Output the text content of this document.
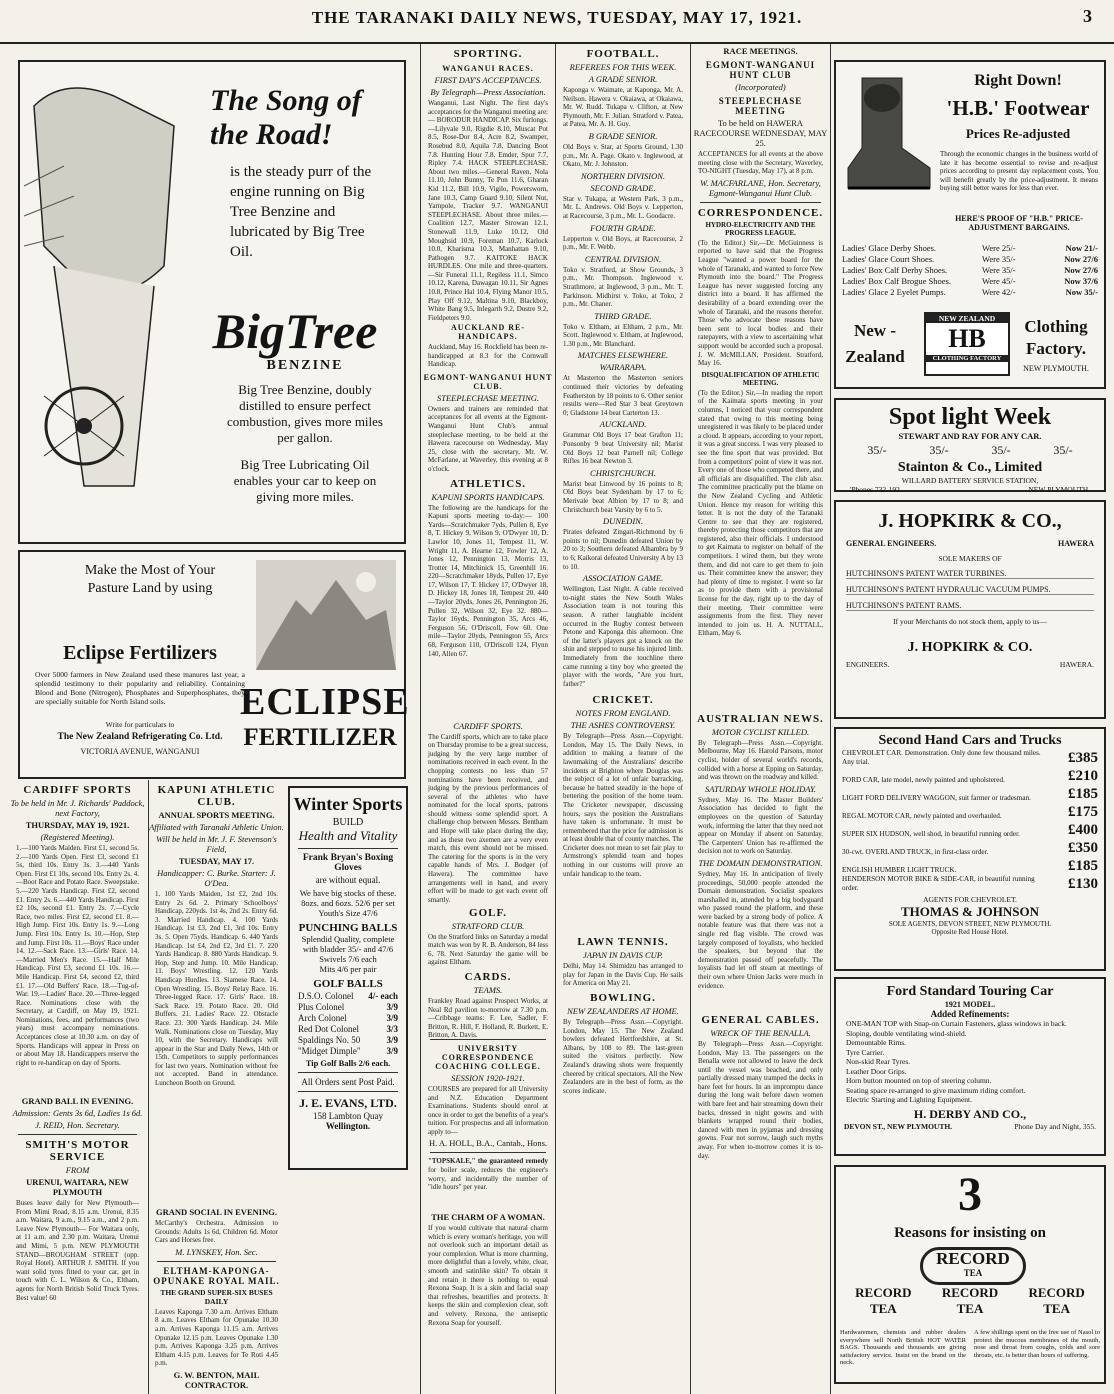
THE TARANAKI DAILY NEWS, TUESDAY, MAY 17, 1921.	3
The Song of the Road!
is the steady purr of the engine running on Big Tree Benzine and lubricated by Big Tree Oil.
BigTree
BENZINE
Big Tree Benzine, doubly distilled to ensure perfect combustion, gives more miles per gallon.
Big Tree Lubricating Oil enables your car to keep on giving more miles.
Make the Most of Your Pasture Land by using
Eclipse Fertilizers
Over 5000 farmers in New Zealand used these manures last year, a splendid testimony to their popularity and reliability. Containing Blood and Bone (Nitrogen), Phosphates and Superphosphates, they are specially suitable for North Island soils.
Write for particulars to
The New Zealand Refrigerating Co. Ltd.
VICTORIA AVENUE, WANGANUI
ECLIPSE
FERTILIZER
CARDIFF SPORTS
To be held in Mr. J. Richards' Paddock, next Factory,
THURSDAY, MAY 19, 1921.
(Registered Meeting).
1.—100 Yards Maiden. First £1, second 5s. 2.—100 Yards Open. First £3, second £1 5s, third 10s. Entry 3s. 3.—440 Yards Open. First £1 10s, second 10s. Entry 2s. 4.—Boot Race and Potato Race. Sweepstake. 5.—220 Yards Handicap. First £2, second £1. Entry 2s. 6.—440 Yards Handicap. First £2 10s, second £1. Entry 2s. 7.—Cycle Race, two miles. First £2, second £1. 8.—High Jump. First 10s. Entry 1s. 9.—Long Jump. First 10s. Entry 1s. 10.—Hop, Step and Jump. First 10s. 11.—Boys' Race under 14. 12.—Sack Race. 13.—Girls' Race. 14.—Married Men's Race. 15.—Half Mile Handicap. First £3, second £1 10s. 16.—Mile Handicap. First £4, second £2, third £1. 17.—Old Buffers' Race. 18.—Tug-of-War. 19.—Ladies' Race. 20.—Three-legged Race. Nominations close with the Secretary, at Cardiff, on May 19, 1921. Nominations, fees, and performances (two years) must accompany nominations. Acceptances close at 10.30 a.m. on day of Sports. Handicaps will appear in Press on or about May 18. Handicappers reserve the right to re-handicap on day of Sports.
GRAND BALL IN EVENING.
Admission: Gents 3s 6d, Ladies 1s 6d.
J. REID, Hon. Secretary.
SMITH'S MOTOR SERVICE
FROM
URENUI, WAITARA, NEW PLYMOUTH
Buses leave daily for New Plymouth— From Mimi Road, 8.15 a.m. Urenui, 8.35 a.m. Waitara, 9 a.m., 9.15 a.m., and 2 p.m. Leave New Plymouth— For Waitara only, at 11 a.m. and 2.30 p.m. Waitara, Urenui and Mimi, 5 p.m. NEW PLYMOUTH STAND—BROUGHAM STREET (opp. Royal Hotel). ARTHUR J. SMITH. If you want solid tyres fitted to your car, get in touch with C. L. Wilson & Co., Eltham, agents for North British Solid Truck Tyres. Best value! 60
KAPUNI ATHLETIC CLUB.
ANNUAL SPORTS MEETING.
Affiliated with Taranaki Athletic Union.
Will be held in Mr. J. F. Stevenson's Field,
TUESDAY, MAY 17.
Handicapper: C. Burke. Starter: J. O'Dea.
1. 100 Yards Maiden, 1st £2, 2nd 10s. Entry 2s 6d. 2. Primary Schoolboys' Handicap, 220yds. 1st 4s, 2nd 2s. Entry 6d. 3. Married Handicap. 4. 100 Yards Handicap. 1st £3, 2nd £1, 3rd 10s. Entry 3s. 5. Open 75yds. Handicap. 6. 440 Yards Handicap. 1st £4, 2nd £2, 3rd £1. 7. 220 Yards Handicap. 8. 880 Yards Handicap. 9. Hop, Step and Jump. 10. Mile Handicap. 11. Boys' Wrestling. 12. 120 Yards Handicap Hurdles. 13. Siamese Race. 14. Open Wrestling. 15. Boys' Relay Race. 16. Three-legged Race. 17. Girls' Race. 18. Sack Race. 19. Potato Race. 20. Old Buffers. 21. Ladies' Race. 22. Obstacle Race. 23. 300 Yards Handicap. 24. Mile Walk. Nominations close on Tuesday, May 10, with the Secretary. Handicaps will appear in the Star and Daily News, 14th or 15th. Competitors to supply performances for last two years. Nomination without fee not accepted. Band in attendance. Luncheon Booth on Ground.
GRAND SOCIAL IN EVENING.
McCarthy's Orchestra. Admission to Grounds: Adults 1s 6d, Children 6d. Motor Cars and Horses free.
M. LYNSKEY, Hon. Sec.
ELTHAM-KAPONGA-OPUNAKE ROYAL MAIL.
THE GRAND SUPER-SIX BUSES DAILY
Leaves Kaponga 7.30 a.m. Arrives Eltham 8 a.m. Leaves Eltham for Opunake 10.30 a.m. Arrives Kaponga 11.15 a.m. Arrives Opunake 12.15 p.m. Leaves Opunake 1.30 p.m. Arrives Kaponga 3.25 p.m. Arrives Eltham 4.15 p.m. Leaves for Te Roti 4.45 p.m.
G. W. BENTON, MAIL CONTRACTOR.
Winter Sports
BUILD
Health and Vitality
Frank Bryan's Boxing Gloves
are without equal.
We have big stocks of these.
8ozs. and 6ozs. 52/6 per set
Youth's Size 47/6
PUNCHING BALLS
Splendid Quality, complete with bladder 35/- and 47/6
Swivels 7/6 each
Mits 4/6 per pair
GOLF BALLS
D.S.O. Colonel 4/- each
Plus Colonel	3/9
Arch Colonel	3/9
Red Dot Colonel	3/3
Spaldings No. 50	3/9
"Midget Dimple"	3/9
Tip Golf Balls 2/6 each.
All Orders sent Post Paid.
J. E. EVANS, LTD.
158 Lambton Quay
Wellington.
SPORTING.
WANGANUI RACES.
FIRST DAY'S ACCEPTANCES.
By Telegraph—Press Association.
Wanganui, Last Night. The first day's acceptances for the Wanganui meeting are:— BORODUR HANDICAP. Six furlongs.—Lilyvale 9.0, Rigdie 8.10, Muscat Pot 8.5, Rose-Dor 8.4, Acre 8.2, Swamper, Rosebud 8.0, Aquila 7.8, Dancing Boot 7.8. Hunting Hour 7.8, Emder, Spur 7.7, Ripley 7.4. HACK STEEPLECHASE. About two miles.—General Raven, Nola 11.10, John Bunny, Te Pon 11.6, Gharan Kid 11.2, Bill 10.9, Vigilo, Powersworn, Jane 10.3, Camp Guard 9.10, Silent Nut, Yarnpole, Tracker 9.7. WANGANUI STEEPLECHASE. About three miles.—Coalition 12.7, Master Strowan 12.1, Stonewall 11.9, Luke 10.12, Old Moughsid 10.9, Foreman 10.7, Karlock 10.0, Kharisma 10.3, Manhattan 9.10, Pathogen 9.7. KAITOKE HACK HURDLES. One mile and three-quarters.—Sir Funeral 11.1, Regiless 11.1, Simco 10.12, Karena, Dawagan 10.11, Sir Agnes 10.8, Prince Hal 10.4, Flying Manor 10.5, Play Off 9.12, Maltina 9.10, Blackboy, White Bang 9.5, Inlegarth 9.2, Dustre 9.2, Fieldpeters 9.0.
AUCKLAND RE-HANDICAPS.
Auckland, May 16. Rockfield has been re-handicapped at 8.3 for the Cornwall Handicap.
EGMONT-WANGANUI HUNT CLUB.
STEEPLECHASE MEETING.
Owners and trainers are reminded that acceptances for all events at the Egmont-Wanganui Hunt Club's annual steeplechase meeting, to be held at the Hawera racecourse on Wednesday, May 25, close with the secretary, Mr. W. McFarlane, at Waverley, this evening at 8 o'clock.
ATHLETICS.
KAPUNI SPORTS HANDICAPS.
The following are the handicaps for the Kapuni sports meeting to-day:— 100 Yards—Scratchmaker 7yds, Pullen 8, Eye 8, T. Hickey 9, Wilson 9, O'Dwyer 10, D. Lawlor 10, Jones 11, Tempest 11, W. Wright 11, A. Hearne 12, Fowler 12, A. Jones 12, Pennington 13, Morris 13, Trotter 14, Mitchinick 15, Greenhill 16. 220—Scratchmaker 18yds, Pullen 17, Eye 17, Wilson 17, T. Hickey 17, O'Dwyer 18, D. Hickey 18, Jones 18, Tempest 20. 440—Taylor 20yds, Jones 26, Pennington 26, Pullen 32, Wilson 32, Eye 32. 880—Taylor 16yds, Pennington 35, Arcs 46, Ferguson 56, O'Driscoll, Fow 60. One mile—Taylor 20yds, Pennington 55, Arcs 68, Ferguson 110, O'Driscoll 124, Flynn 140, Allen 67.
CARDIFF SPORTS.
The Cardiff sports, which are to take place on Thursday promise to be a great success, judging by the very large number of nominations received in each event. In the chopping contests no less than 57 nominations have been received, and judging by the previous performances of several of the athletes who have nominated for the local sports, patrons should witness some splendid sport. A challenge chop between Messrs. Bentham and Hope will take place during the day, and as these two axemen are a very even match, this event should not be missed. The catering for the sports is in the very capable hands of Mrs. J. Bodger (of Hawera). The committee have arrangements well in hand, and every effort will be made to get each event off smartly.
GOLF.
STRATFORD CLUB.
On the Stratford links on Saturday a medal match was won by R. B. Anderson, 84 less 6, 78. Next Saturday the game will be against Eltham.
CARDS.
TEAMS.
Frankley Road against Prospect Works, at Neal Rd pavilion to-morrow at 7.30 p.m.—Cribbage teams: F. Lee, Sadler, F. Britton, R. Hill, F. Holland, R. Burkett, E. Britton, A. Davis.
UNIVERSITY CORRESPONDENCE COACHING COLLEGE.
SESSION 1920-1921.
COURSES are prepared for all University and N.Z. Education Department Examinations. Students should enrol at once in order to get the benefits of a year's tuition. For prospectus and all information apply to—
H. A. HOLL, B.A., Cantab., Hons.
"TOPSKALE," the guaranteed remedy for boiler scale, reduces the engineer's worry, and incidentally the number of "idle hours" per year.
THE CHARM OF A WOMAN.
If you would cultivate that natural charm which is every woman's heritage, you will not overlook such an important detail as your complexion. What is more charming, more delightful than a lovely, white, clear, smooth and satinlike skin? To obtain it and retain it there is nothing to equal Rexona Soap. It is a skin and facial soap that refreshes, beautifies and protects. It keeps the skin and complexion clear, soft and velvety. Rexona, the antiseptic Rexona Soap for yourself.
FOOTBALL.
REFEREES FOR THIS WEEK.
A GRADE SENIOR.
Kaponga v. Waimate, at Kaponga, Mr. A. Neilson. Hawera v. Okaiawa, at Okaiawa, Mr. W. Rudd. Tukapa v. Clifton, at New Plymouth, Mr. F. Julian. Stratford v. Patea, at Patea, Mr. A. H. Guy.
B GRADE SENIOR.
Old Boys v. Star, at Sports Ground, 1.30 p.m., Mr. A. Page. Okato v. Inglewood, at Okato, Mr. J. Johnston.
NORTHERN DIVISION.
SECOND GRADE.
Star v. Tukapa, at Western Park, 3 p.m., Mr. L. Andrews. Old Boys v. Lepperton, at Racecourse, 3 p.m., Mr. L. Goodacre.
FOURTH GRADE.
Lepperton v. Old Boys, at Racecourse, 2 p.m., Mr. F. Webb.
CENTRAL DIVISION.
Toko v. Stratford, at Show Grounds, 3 p.m., Mr. Thompson. Inglewood v. Strathmore, at Inglewood, 3 p.m., Mr. T. Parkinson. Midhirst v. Toko, at Toko, 2 p.m., Mr. Chaner.
THIRD GRADE.
Toko v. Eltham, at Eltham, 2 p.m., Mr. Scott. Inglewood v. Eltham, at Inglewood, 1.30 p.m., Mr. Blanchard.
MATCHES ELSEWHERE.
WAIRARAPA.
At Masterton the Masterton seniors continued their victories by defeating Featherston by 18 points to 6. Other senior results were—Red Star 3 beat Greytown 0; Gladstone 14 beat Carterton 13.
AUCKLAND.
Grammar Old Boys 17 beat Grafton 11; Ponsonby 9 beat University nil; Marist Old Boys 12 beat Parnell nil; College Rifles 16 beat Newton 3.
CHRISTCHURCH.
Marist beat Linwood by 16 points to 8; Old Boys beat Sydenham by 17 to 6; Merivale beat Albion by 17 to 8; and Christchurch beat Varsity by 6 to 5.
DUNEDIN.
Pirates defeated Zingari-Richmond by 6 points to nil; Dunedin defeated Union by 20 to 3; Southern defeated Alhambra by 9 to 6; Kaikorai defeated University A by 13 to 10.
ASSOCIATION GAME.
Wellington, Last Night. A cable received to-night states the New South Wales Association team is not touring this season. A rather laughable incident occurred in the Rugby contest between Petone and Kaponga this afternoon. One of the latter's players got a knock on the shin and stepped to nurse his injured limb. Immediately from the touchline there came running a tiny boy who greeted the player with the words, "Are you hurt, father?"
CRICKET.
NOTES FROM ENGLAND.
THE ASHES CONTROVERSY.
By Telegraph—Press Assn.—Copyright. London, May 15. The Daily News, in addition to making a feature of the lawnmaking of the Australians' describe incidents at Brighton where Douglas was the subject of a lot of unfair barracking, because he batted steadily in the hope of bettering the position of the home team. The Cricketer newspaper, discussing hours, says the position the Australians have taken is unfortunate. It must be remembered that the price for admission is at least double that of county matches. The Cricketer does not mean to set fair play to Armstrong's splendid team and hopes nothing in our customs will prove an unfair handicap to the team.
LAWN TENNIS.
JAPAN IN DAVIS CUP.
Delhi, May 14. Shimidzu has arranged to play for Japan in the Davis Cup. He sails for America on May 21.
BOWLING.
NEW ZEALANDERS AT HOME.
By Telegraph—Press Assn.—Copyright. London, May 15. The New Zealand bowlers defeated Hertfordshire, at St. Albans, by 108 to 89. The last-green suited the visitors perfectly. New Zealand's drawing shots were frequently cheered by critical spectators. All the New Zealanders are in the best of form, as the scores indicate.
RACE MEETINGS.
EGMONT-WANGANUI HUNT CLUB
(Incorporated)
STEEPLECHASE MEETING
To be held on HAWERA RACECOURSE WEDNESDAY, MAY 25.
ACCEPTANCES for all events at the above meeting close with the Secretary, Waverley, TO-NIGHT (Tuesday, May 17), at 8 p.m.
W. MACFARLANE, Hon. Secretary, Egmont-Wanganui Hunt Club.
CORRESPONDENCE.
HYDRO-ELECTRICITY AND THE PROGRESS LEAGUE.
(To the Editor.) Sir,—Dr. McGuinness is reported to have said that the Progress League "wanted a power board for the whole of Taranaki, and wanted to force New Plymouth into the board." The Progress League has never suggested forcing any district into a board. It has affirmed the desirability of a board extending over the whole of Taranaki, and the reasons therefor. Those who advocate these reasons have been sent to local bodies and their ratepayers, with a view to ascertaining what support would be accorded such a proposal. J. W. McMILLAN, President. Stratford, May 16.
DISQUALIFICATION OF ATHLETIC MEETING.
(To the Editor.) Sir,—In reading the report of the Kaimata sports meeting in your columns, I noticed that your correspondent stated that owing to this meeting being unregistered it was likely to be placed under a cloud. It appears, according to your report, it was a great success. I was very pleased to see the fine sport that was provided. But from a competitors' point of view it was not. Every one of those who competed there, and all officials are disqualified. The club also. The committee practically put the blame on the New Zealand Cycling and Athletic Union. Hence my reason for writing this letter. It is not the duty of the Taranaki Centre to see that they are registered, thereby protecting those competitors that are registered, also their officials. I understood to get Kaimata to register on behalf of the competitors. I wired them, but they wrote them, and did not care to get them to join us. Their committee knew the answer; they had plenty of time to register. I went so far as to provide them with a provisional license for the day, right up to the day of their meeting. Their committee were assignments from the first. They never intended to join us. H. A. NUTTALL, Eltham, May 6.
AUSTRALIAN NEWS.
MOTOR CYCLIST KILLED.
By Telegraph—Press Assn.—Copyright. Melbourne, May 16. Harold Parsons, motor cyclist, holder of several world's records, collided with a horse at Epping on Saturday, and was thrown on the roadway and killed.
SATURDAY WHOLE HOLIDAY.
Sydney, May 16. The Master Builders' Association has decided to fight the employees on the question of Saturday work, informing the latter that they need not appear on Monday if absent on Saturday. The Carpenters' Union has re-affirmed the decision not to work on Saturday.
THE DOMAIN DEMONSTRATION.
Sydney, May 16. In anticipation of lively proceedings, 50,000 people attended the Domain demonstration. Socialist speakers marshalled in, attended by a big bodyguard who passed round the platform, and these were backed by a strong body of police. A notable feature was that there was not a single red flag visible. The crowd was largely composed of loyalists, who heckled the speakers, but beyond that the demonstration passed off peacefully. The loyalists had let off steam at meetings of their own where Union Jacks were much in evidence.
GENERAL CABLES.
WRECK OF THE BENALLA.
By Telegraph—Press Assn.—Copyright. London, May 13. The passengers on the Benalla were not allowed to leave the deck until the vessel was beached, and only partially dressed many tramped the decks in bare feet for hours. In an impromptu dance during the long wait before dawn women with bare feet and hair streaming down their backs, dressed in night gowns and with blankets wrapped round their bodies, danced with men in pyjamas and dressing gowns. Fear not sorrow, laugh such myths away. For when to-morrow comes it is to-day.
Right Down!
'H.B.' Footwear
Prices Re-adjusted
Through the economic changes in the business world of late it has become essential to revise and re-adjust prices according to present day replacement costs. You will benefit greatly by the price-adjustment. It means buying still better wares for less than ever.
HERE'S PROOF OF "H.B." PRICE-ADJUSTMENT BARGAINS.
Ladies' Glace Derby Shoes.	Were 25/-	Now 21/-
Ladies' Glace Court Shoes.	Were 35/-	Now 27/6
Ladies' Box Calf Derby Shoes.	Were 35/-	Now 27/6
Ladies' Box Calf Brogue Shoes.	Were 45/-	Now 37/6
Ladies' Glace 2 Eyelet Pumps.	Were 42/-	Now 35/-
New - Zealand
NEW ZEALAND
HB
CLOTHING FACTORY
Clothing Factory.
NEW PLYMOUTH.
Spot light Week
STEWART AND RAY FOR ANY CAR.
35/-	35/-	35/-	35/-
Stainton & Co., Limited
WILLARD BATTERY SERVICE STATION,
'Phones 732-192.	NEW PLYMOUTH.
J. HOPKIRK & CO.,
GENERAL ENGINEERS.	HAWERA
SOLE MAKERS OF
HUTCHINSON'S PATENT WATER TURBINES.
HUTCHINSON'S PATENT HYDRAULIC VACUUM PUMPS.
HUTCHINSON'S PATENT RAMS.
If your Merchants do not stock them, apply to us—
J. HOPKIRK & CO.
ENGINEERS.	HAWERA.
Second Hand Cars and Trucks
CHEVROLET CAR. Demonstration. Only done few thousand miles. Any trial.	£385
FORD CAR, late model, newly painted and upholstered.	£210
LIGHT FORD DELIVERY WAGGON, suit farmer or tradesman.	£185
REGAL MOTOR CAR, newly painted and overhauled.	£175
SUPER SIX HUDSON, well shod, in beautiful running order.	£400
30-cwt. OVERLAND TRUCK, in first-class order.	£350
ENGLISH HUMBER LIGHT TRUCK.	£185
HENDERSON MOTOR BIKE & SIDE-CAR, in beautiful running order.	£130
AGENTS FOR CHEVROLET.
THOMAS & JOHNSON
SOLE AGENTS, DEVON STREET, NEW PLYMOUTH.
Opposite Red House Hotel.
Ford Standard Touring Car
1921 MODEL.
Added Refinements:
ONE-MAN TOP with Snap-on Curtain Fasteners, glass windows in back.
Sloping, double ventilating wind-shield.
Demountable Rims.
Tyre Carrier.
Non-skid Rear Tyres.
Leather Door Grips.
Horn button mounted on top of steering column.
Seating space re-arranged to give maximum riding comfort.
Electric Starting and Lighting Equipment.
H. DERBY AND CO.,
DEVON ST., NEW PLYMOUTH.	Phone Day and Night, 355.
3
Reasons for insisting on
RECORD
TEA
RECORD
TEA
RECORD
TEA
RECORD
TEA
Hardwaremen, chemists and rubber dealers everywhere sell North British HOT WATER BAGS. Thousands and thousands are giving satisfactory service. Insist on the brand on the neck.
A few shillings spent on the free use of Nasol to protect the mucous membranes of the mouth, nose and throat from coughs, colds and sore throats, etc. is better than hours of suffering.
